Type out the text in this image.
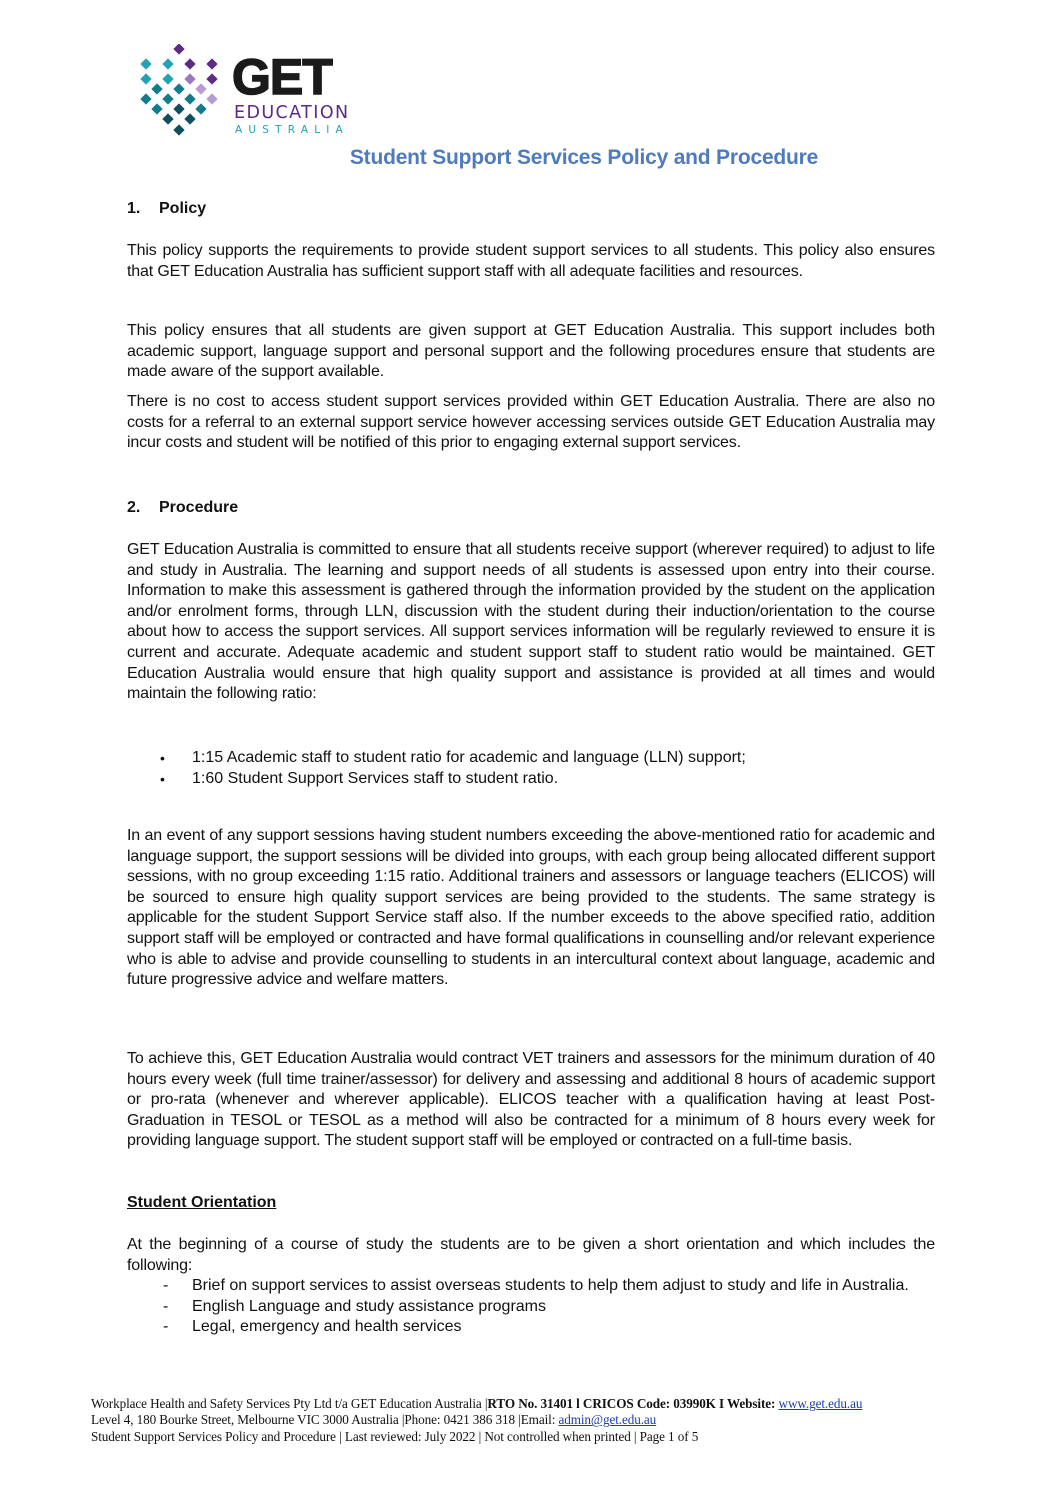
GET
EDUCATION
AUSTRALIA
Student Support Services Policy and Procedure
1. Policy
This policy supports the requirements to provide student support services to all students. This policy also ensures that GET Education Australia has sufficient support staff with all adequate facilities and resources.
This policy ensures that all students are given support at GET Education Australia. This support includes both academic support, language support and personal support and the following procedures ensure that students are made aware of the support available.
There is no cost to access student support services provided within GET Education Australia. There are also no costs for a referral to an external support service however accessing services outside GET Education Australia may incur costs and student will be notified of this prior to engaging external support services.
2. Procedure
GET Education Australia is committed to ensure that all students receive support (wherever required) to adjust to life and study in Australia. The learning and support needs of all students is assessed upon entry into their course. Information to make this assessment is gathered through the information provided by the student on the application and/or enrolment forms, through LLN, discussion with the student during their induction/orientation to the course about how to access the support services. All support services information will be regularly reviewed to ensure it is current and accurate. Adequate academic and student support staff to student ratio would be maintained. GET Education Australia would ensure that high quality support and assistance is provided at all times and would maintain the following ratio:
•	1:15 Academic staff to student ratio for academic and language (LLN) support;
•	1:60 Student Support Services staff to student ratio.
In an event of any support sessions having student numbers exceeding the above-mentioned ratio for academic and language support, the support sessions will be divided into groups, with each group being allocated different support sessions, with no group exceeding 1:15 ratio. Additional trainers and assessors or language teachers (ELICOS) will be sourced to ensure high quality support services are being provided to the students. The same strategy is applicable for the student Support Service staff also. If the number exceeds to the above specified ratio, addition support staff will be employed or contracted and have formal qualifications in counselling and/or relevant experience who is able to advise and provide counselling to students in an intercultural context about language, academic and future progressive advice and welfare matters.
To achieve this, GET Education Australia would contract VET trainers and assessors for the minimum duration of 40 hours every week (full time trainer/assessor) for delivery and assessing and additional 8 hours of academic support or pro-rata (whenever and wherever applicable). ELICOS teacher with a qualification having at least Post-Graduation in TESOL or TESOL as a method will also be contracted for a minimum of 8 hours every week for providing language support. The student support staff will be employed or contracted on a full-time basis.
Student Orientation
At the beginning of a course of study the students are to be given a short orientation and which includes the following:
- Brief on support services to assist overseas students to help them adjust to study and life in Australia.
- English Language and study assistance programs
- Legal, emergency and health services
Workplace Health and Safety Services Pty Ltd t/a GET Education Australia |RTO No. 31401 l CRICOS Code: 03990K I Website: www.get.edu.au
Level 4, 180 Bourke Street, Melbourne VIC 3000 Australia |Phone: 0421 386 318 |Email: admin@get.edu.au
Student Support Services Policy and Procedure | Last reviewed: July 2022 | Not controlled when printed | Page 1 of 5
